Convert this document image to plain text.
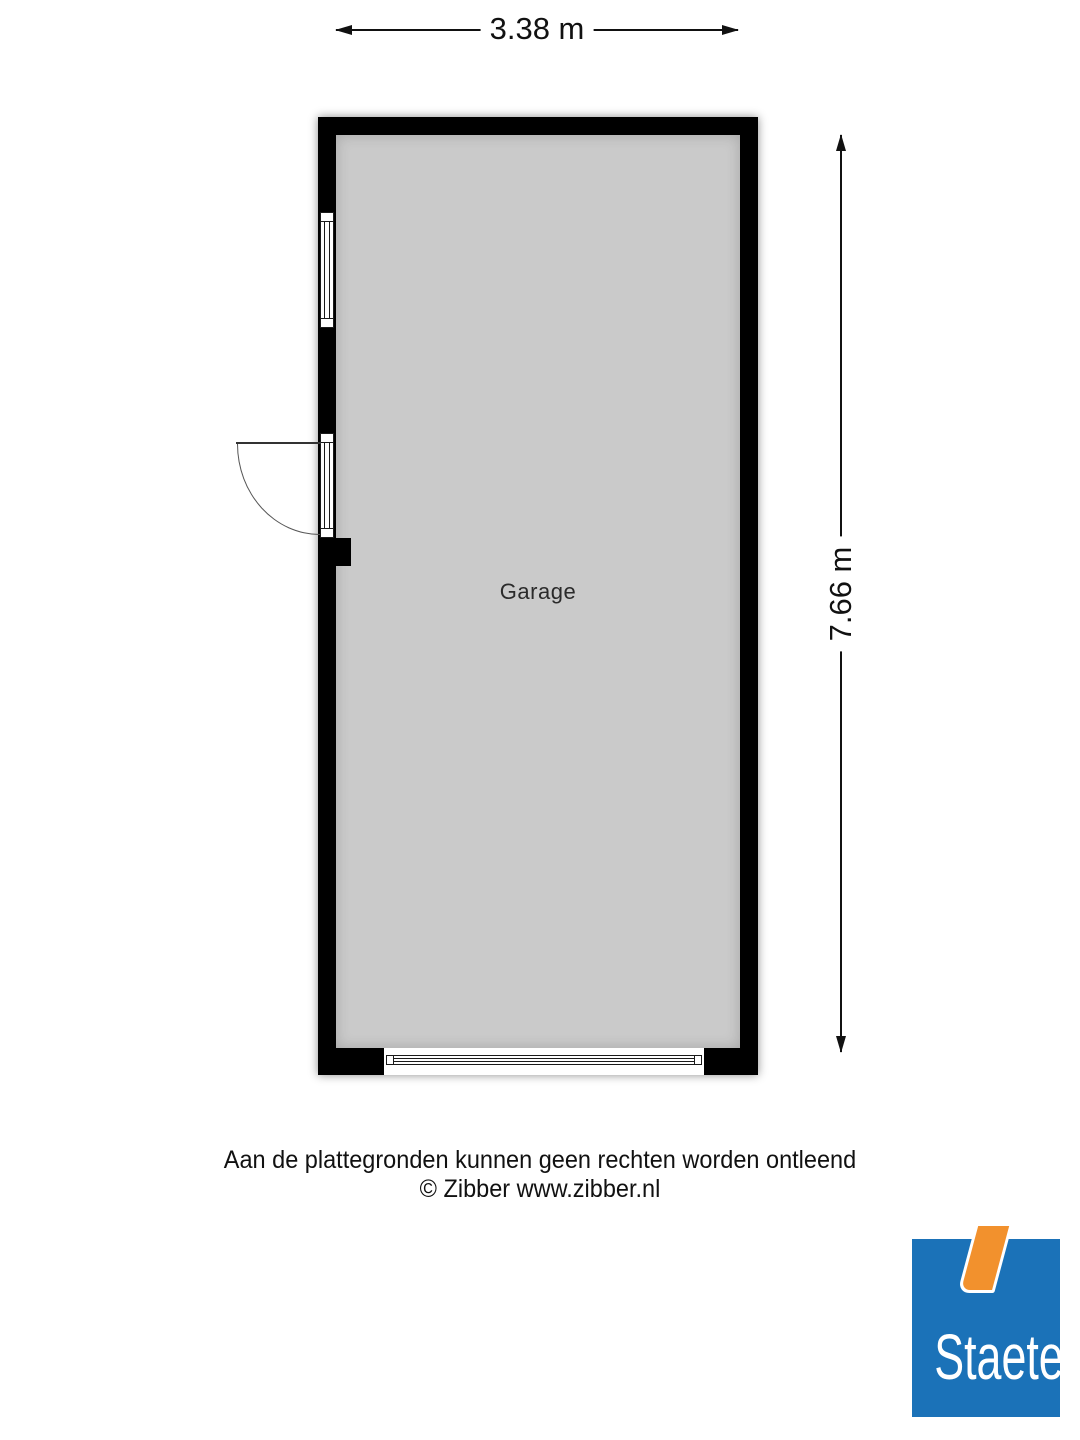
3.38 m
7.66 m
Garage
Aan de plattegronden kunnen geen rechten worden ontleend
© Zibber www.zibber.nl
Staete
